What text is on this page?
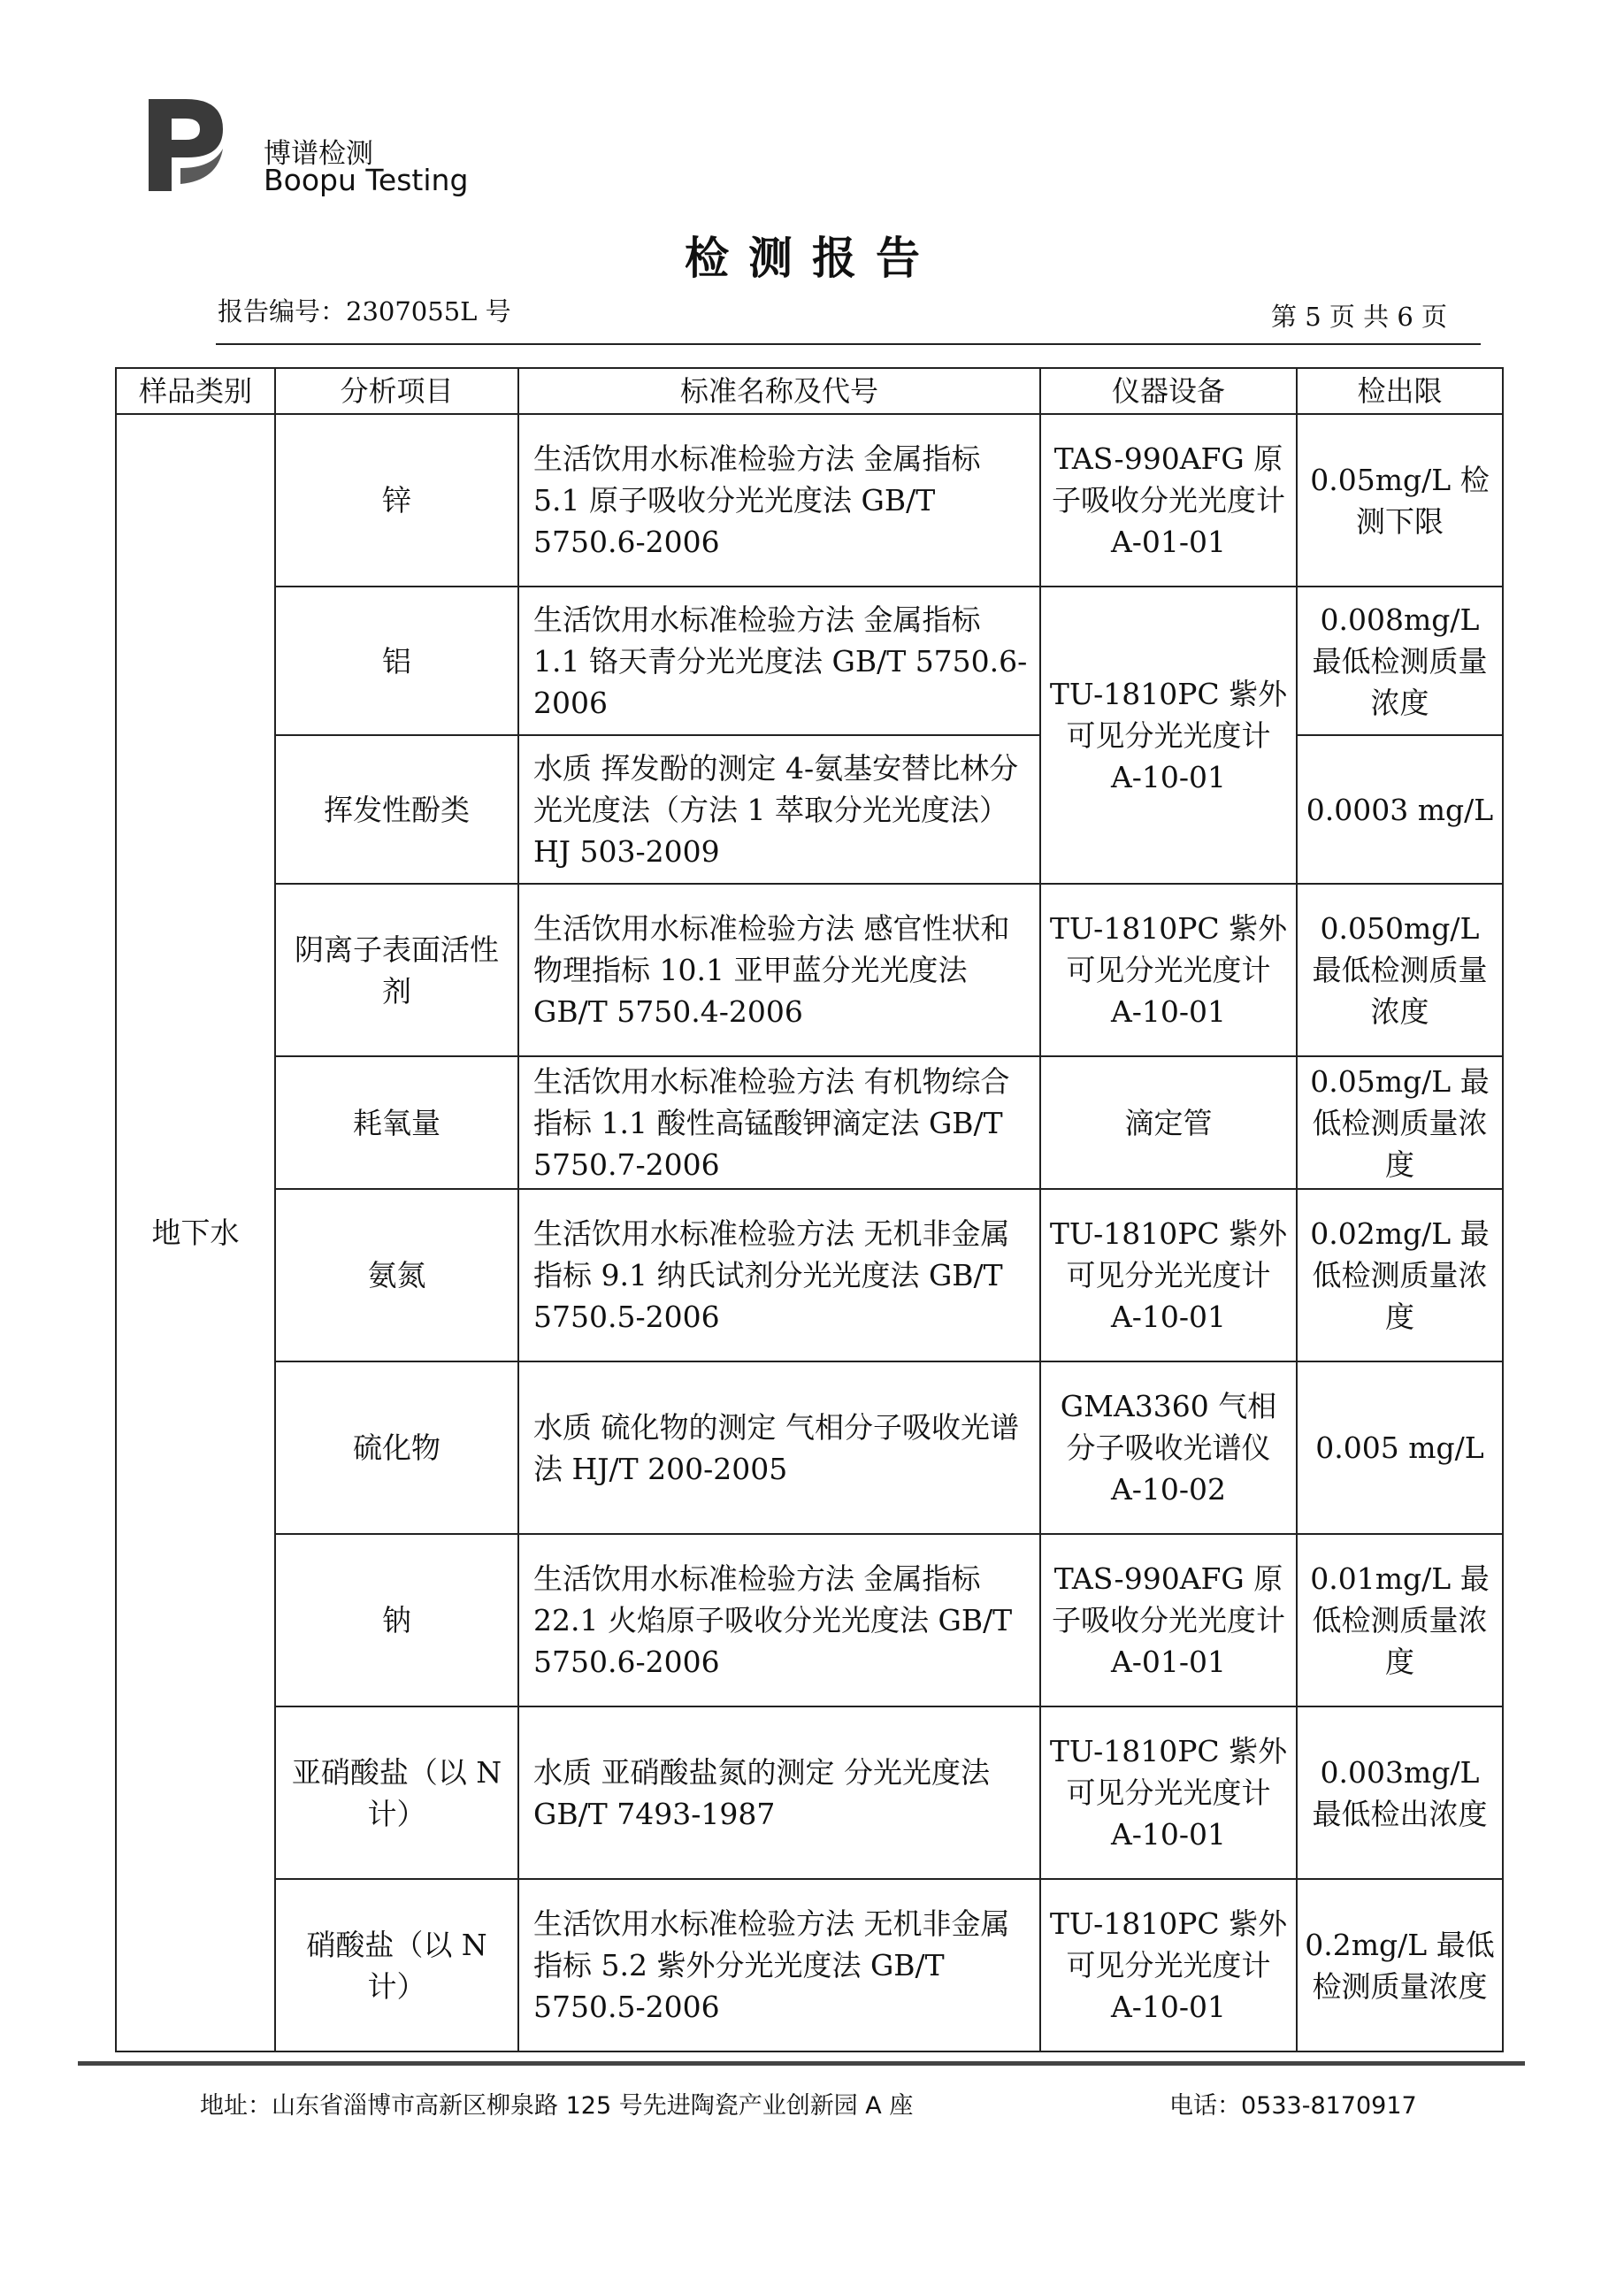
博谱检测
Boopu Testing
检测报告
报告编号：2307055L 号	第 5 页 共 6 页
样品类别	分析项目	标准名称及代号	仪器设备	检出限
地下水	锌	生活饮用水标准检验方法 金属指标 5.1 原子吸收分光光度法 GB/T 5750.6-2006	TAS-990AFG 原子吸收分光光度计 A-01-01	0.05mg/L 检测下限
	铝	生活饮用水标准检验方法 金属指标 1.1 铬天青分光光度法 GB/T 5750.6-2006	TU-1810PC 紫外可见分光光度计 A-10-01	0.008mg/L 最低检测质量浓度
	挥发性酚类	水质 挥发酚的测定 4-氨基安替比林分光光度法（方法 1 萃取分光光度法）HJ 503-2009		0.0003 mg/L
	阴离子表面活性剂	生活饮用水标准检验方法 感官性状和物理指标 10.1 亚甲蓝分光光度法 GB/T 5750.4-2006	TU-1810PC 紫外可见分光光度计 A-10-01	0.050mg/L 最低检测质量浓度
	耗氧量	生活饮用水标准检验方法 有机物综合指标 1.1 酸性高锰酸钾滴定法 GB/T 5750.7-2006	滴定管	0.05mg/L 最低检测质量浓度
	氨氮	生活饮用水标准检验方法 无机非金属指标 9.1 纳氏试剂分光光度法 GB/T 5750.5-2006	TU-1810PC 紫外可见分光光度计 A-10-01	0.02mg/L 最低检测质量浓度
	硫化物	水质 硫化物的测定 气相分子吸收光谱法 HJ/T 200-2005	GMA3360 气相分子吸收光谱仪 A-10-02	0.005 mg/L
	钠	生活饮用水标准检验方法 金属指标 22.1 火焰原子吸收分光光度法 GB/T 5750.6-2006	TAS-990AFG 原子吸收分光光度计 A-01-01	0.01mg/L 最低检测质量浓度
	亚硝酸盐（以 N 计）	水质 亚硝酸盐氮的测定 分光光度法 GB/T 7493-1987	TU-1810PC 紫外可见分光光度计 A-10-01	0.003mg/L 最低检出浓度
	硝酸盐（以 N 计）	生活饮用水标准检验方法 无机非金属指标 5.2 紫外分光光度法 GB/T 5750.5-2006	TU-1810PC 紫外可见分光光度计 A-10-01	0.2mg/L 最低检测质量浓度
地址：山东省淄博市高新区柳泉路 125 号先进陶瓷产业创新园 A 座	电话：0533-8170917
